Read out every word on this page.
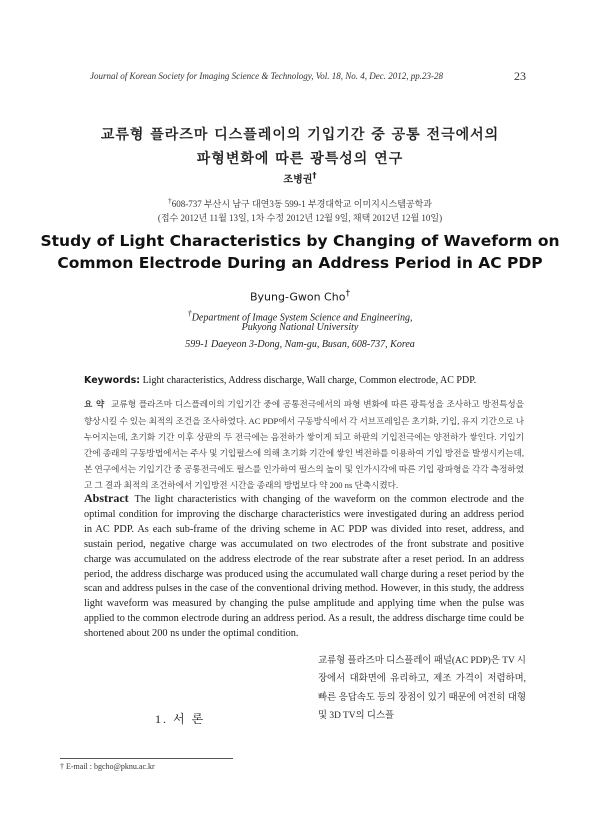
Journal of Korean Society for Imaging Science & Technology, Vol. 18, No. 4, Dec. 2012, pp.23-28	23
교류형 플라즈마 디스플레이의 기입기간 중 공통 전극에서의
파형변화에 따른 광특성의 연구
조병권†
†608-737 부산시 남구 대연3동 599-1 부경대학교 이미지시스템공학과
(접수 2012년 11월 13일, 1차 수정 2012년 12월 9일, 채택 2012년 12월 10일)
Study of Light Characteristics by Changing of Waveform on
Common Electrode During an Address Period in AC PDP
Byung-Gwon Cho†
†Department of Image System Science and Engineering,
Pukyong National University
599-1 Daeyeon 3-Dong, Nam-gu, Busan, 608-737, Korea
Keywords: Light characteristics, Address discharge, Wall charge, Common electrode, AC PDP.
요 약 교류형 플라즈마 디스플레이의 기입기간 중에 공통전극에서의 파형 변화에 따른 광특성을 조사하고 방전특성을 향상시킬 수 있는 최적의 조건을 조사하였다. AC PDP에서 구동방식에서 각 서브프레임은 초기화, 기입, 유지 기간으로 나누어지는데, 초기화 기간 이후 상판의 두 전극에는 음전하가 쌓이게 되고 하판의 기입전극에는 양전하가 쌓인다. 기입기간에 종래의 구동방법에서는 주사 및 기입펄스에 의해 초기화 기간에 쌓인 벽전하를 이용하여 기입 방전을 발생시키는데, 본 연구에서는 기입기간 중 공통전극에도 펄스를 인가하여 펄스의 높이 및 인가시각에 따른 기입 광파형을 각각 측정하였고 그 결과 최적의 조건하에서 기입방전 시간을 종래의 방법보다 약 200 ns 단축시켰다.
Abstract The light characteristics with changing of the waveform on the common electrode and the optimal condition for improving the discharge characteristics were investigated during an address period in AC PDP. As each sub-frame of the driving scheme in AC PDP was divided into reset, address, and sustain period, negative charge was accumulated on two electrodes of the front substrate and positive charge was accumulated on the address electrode of the rear substrate after a reset period. In an address period, the address discharge was produced using the accumulated wall charge during a reset period by the scan and address pulses in the case of the conventional driving method. However, in this study, the address light waveform was measured by changing the pulse amplitude and applying time when the pulse was applied to the common electrode during an address period. As a result, the address discharge time could be shortened about 200 ns under the optimal condition.
1. 서 론
교류형 플라즈마 디스플레이 패널(AC PDP)은 TV 시장에서 대화면에 유리하고, 제조 가격이 저렴하며, 빠른 응답속도 등의 장점이 있기 때문에 여전히 대형 및 3D TV의 디스플
† E-mail : bgcho@pknu.ac.kr
